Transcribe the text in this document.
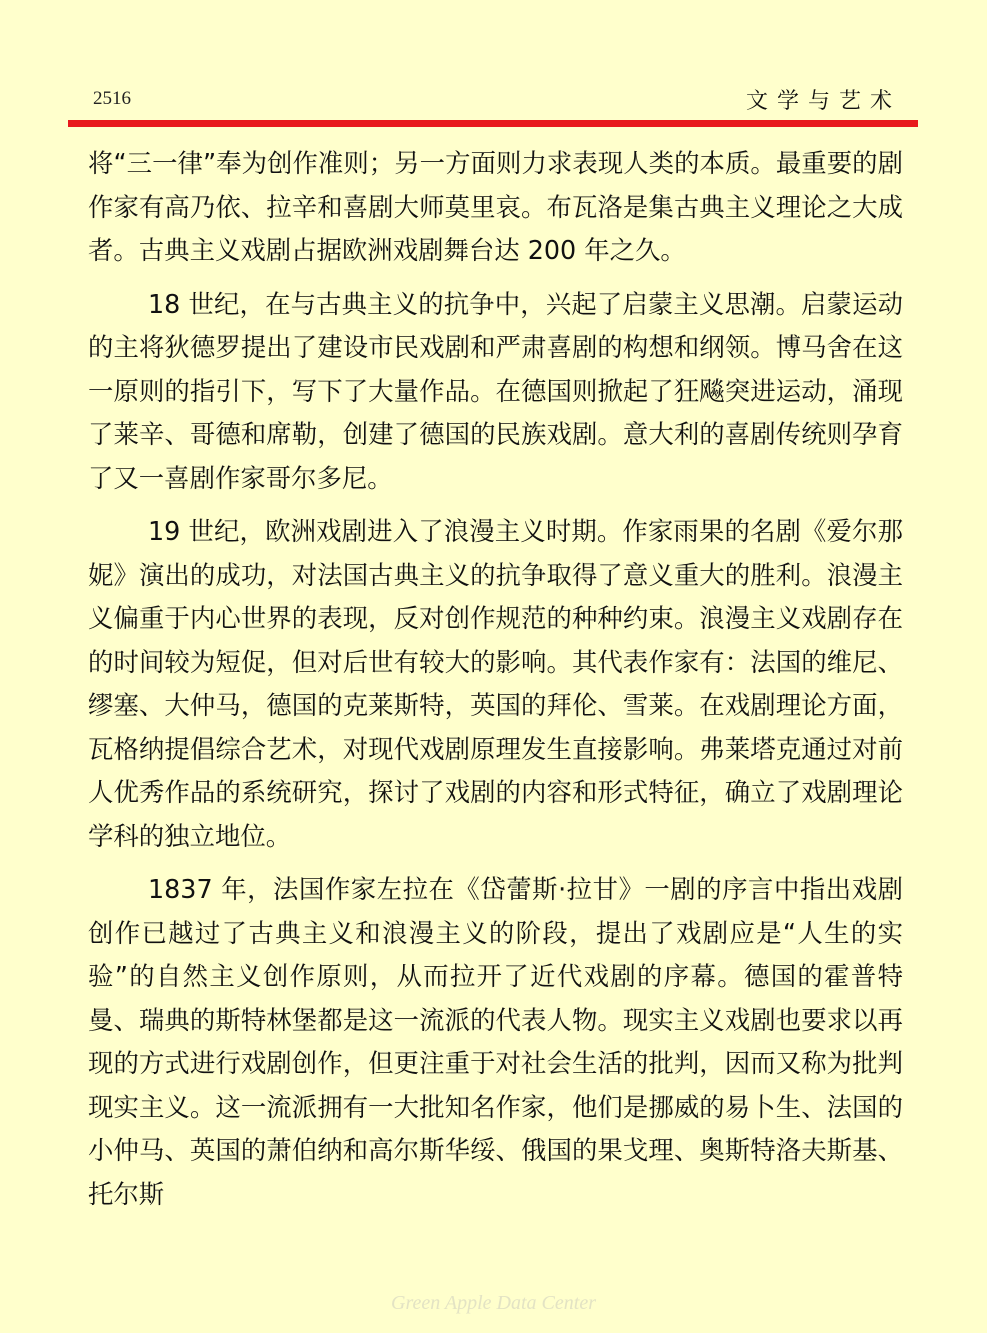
2516	文学与艺术

将“三一律”奉为创作准则；另一方面则力求表现人类的本质。最重要的剧作家有高乃依、拉辛和喜剧大师莫里哀。布瓦洛是集古典主义理论之大成者。古典主义戏剧占据欧洲戏剧舞台达 200 年之久。

18 世纪，在与古典主义的抗争中，兴起了启蒙主义思潮。启蒙运动的主将狄德罗提出了建设市民戏剧和严肃喜剧的构想和纲领。博马舍在这一原则的指引下，写下了大量作品。在德国则掀起了狂飚突进运动，涌现了莱辛、哥德和席勒，创建了德国的民族戏剧。意大利的喜剧传统则孕育了又一喜剧作家哥尔多尼。

19 世纪，欧洲戏剧进入了浪漫主义时期。作家雨果的名剧《爱尔那妮》演出的成功，对法国古典主义的抗争取得了意义重大的胜利。浪漫主义偏重于内心世界的表现，反对创作规范的种种约束。浪漫主义戏剧存在的时间较为短促，但对后世有较大的影响。其代表作家有：法国的维尼、缪塞、大仲马，德国的克莱斯特，英国的拜伦、雪莱。在戏剧理论方面，瓦格纳提倡综合艺术，对现代戏剧原理发生直接影响。弗莱塔克通过对前人优秀作品的系统研究，探讨了戏剧的内容和形式特征，确立了戏剧理论学科的独立地位。

1837 年，法国作家左拉在《岱蕾斯·拉甘》一剧的序言中指出戏剧创作已越过了古典主义和浪漫主义的阶段，提出了戏剧应是“人生的实验”的自然主义创作原则，从而拉开了近代戏剧的序幕。德国的霍普特曼、瑞典的斯特林堡都是这一流派的代表人物。现实主义戏剧也要求以再现的方式进行戏剧创作，但更注重于对社会生活的批判，因而又称为批判现实主义。这一流派拥有一大批知名作家，他们是挪威的易卜生、法国的小仲马、英国的萧伯纳和高尔斯华绥、俄国的果戈理、奥斯特洛夫斯基、托尔斯

Green Apple Data Center
